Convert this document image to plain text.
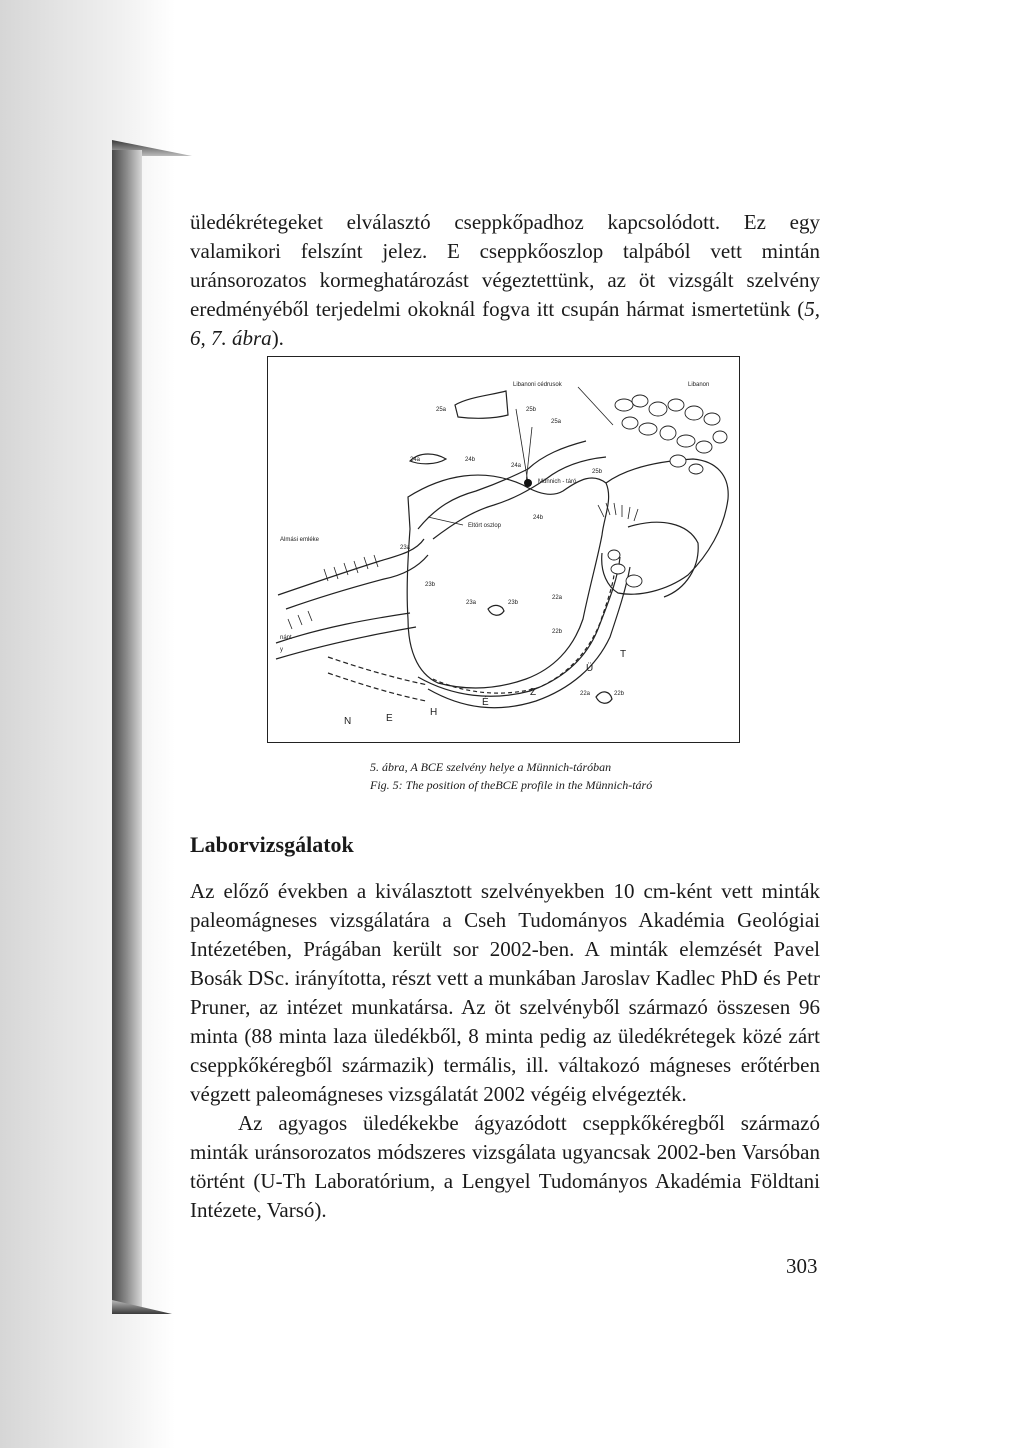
üledékrétegeket elválasztó cseppkőpadhoz kapcsolódott. Ez egy valamikori felszínt jelez. E cseppkőoszlop talpából vett mintán uránsorozatos kormeghatározást végeztettünk, az öt vizsgált szelvény eredményéből terjedelmi okoknál fogva itt csupán hármat ismertetünk (5, 6, 7. ábra).

Libanoni cédrusok	Libanon
25a	25b
25a
24a	24b
24a
24b
Münnich - táró
25b
Eltört oszlop
Almási emléke
23a
23b
23a	23b
22a
22b
22a	22b
nánt -
y
N	E
H
É
Z
Ü
T
5. ábra, A BCE szelvény helye a Münnich-táróban
Fig. 5: The position of theBCE profile in the Münnich-táró
Laborvizsgálatok

Az előző években a kiválasztott szelvényekben 10 cm-ként vett minták paleomágneses vizsgálatára a Cseh Tudományos Akadémia Geológiai Intézetében, Prágában került sor 2002-ben. A minták elemzését Pavel Bosák DSc. irányította, részt vett a munkában Jaroslav Kadlec PhD és Petr Pruner, az intézet munkatársa. Az öt szelvényből származó összesen 96 minta (88 minta laza üledékből, 8 minta pedig az üledékrétegek közé zárt cseppkőkéregből származik) termális, ill. váltakozó mágneses erőtérben végzett paleomágneses vizsgálatát 2002 végéig elvégezték.

Az agyagos üledékekbe ágyazódott cseppkőkéregből származó minták uránsorozatos módszeres vizsgálata ugyancsak 2002-ben Varsóban történt (U-Th Laboratórium, a Lengyel Tudományos Akadémia Földtani Intézete, Varsó).

303
